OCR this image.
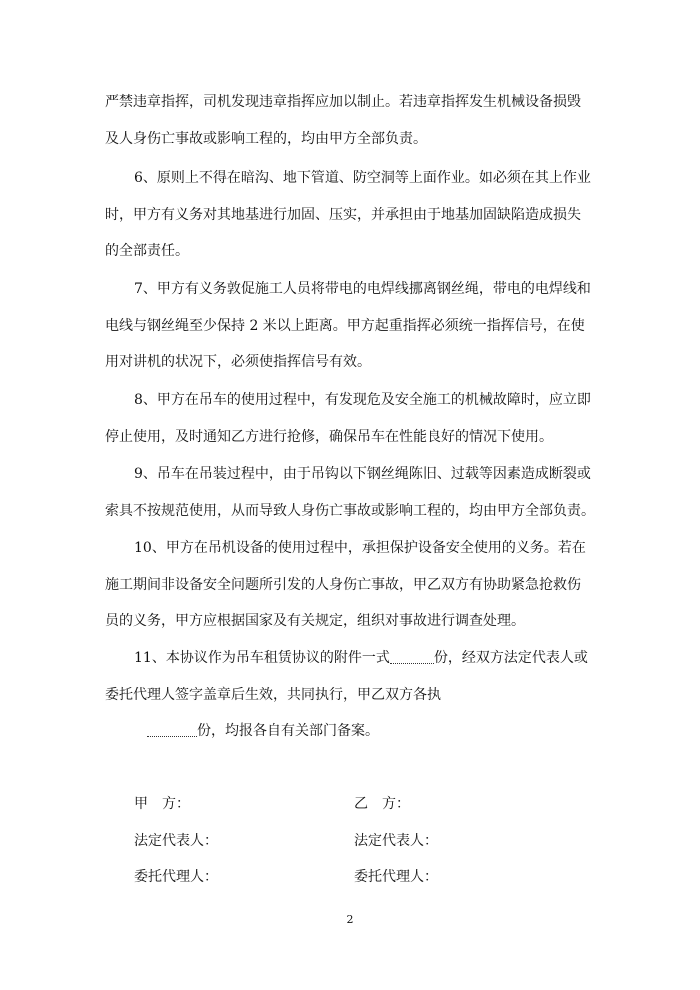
严禁违章指挥，司机发现违章指挥应加以制止。若违章指挥发生机械设备损毁
及人身伤亡事故或影响工程的，均由甲方全部负责。
6、原则上不得在暗沟、地下管道、防空洞等上面作业。如必须在其上作业
时，甲方有义务对其地基进行加固、压实，并承担由于地基加固缺陷造成损失
的全部责任。
7、甲方有义务敦促施工人员将带电的电焊线挪离钢丝绳，带电的电焊线和
电线与钢丝绳至少保持 2 米以上距离。甲方起重指挥必须统一指挥信号，在使
用对讲机的状况下，必须使指挥信号有效。
8、甲方在吊车的使用过程中，有发现危及安全施工的机械故障时，应立即
停止使用，及时通知乙方进行抢修，确保吊车在性能良好的情况下使用。
9、吊车在吊装过程中，由于吊钩以下钢丝绳陈旧、过载等因素造成断裂或
索具不按规范使用，从而导致人身伤亡事故或影响工程的，均由甲方全部负责。
10、甲方在吊机设备的使用过程中，承担保护设备安全使用的义务。若在
施工期间非设备安全问题所引发的人身伤亡事故，甲乙双方有协助紧急抢救伤
员的义务，甲方应根据国家及有关规定，组织对事故进行调查处理。
11、本协议作为吊车租赁协议的附件一式	份，经双方法定代表人或
委托代理人签字盖章后生效，共同执行，甲乙双方各执
份，均报各自有关部门备案。
甲　方：	乙　方：
法定代表人：	法定代表人：
委托代理人：	委托代理人：
2
